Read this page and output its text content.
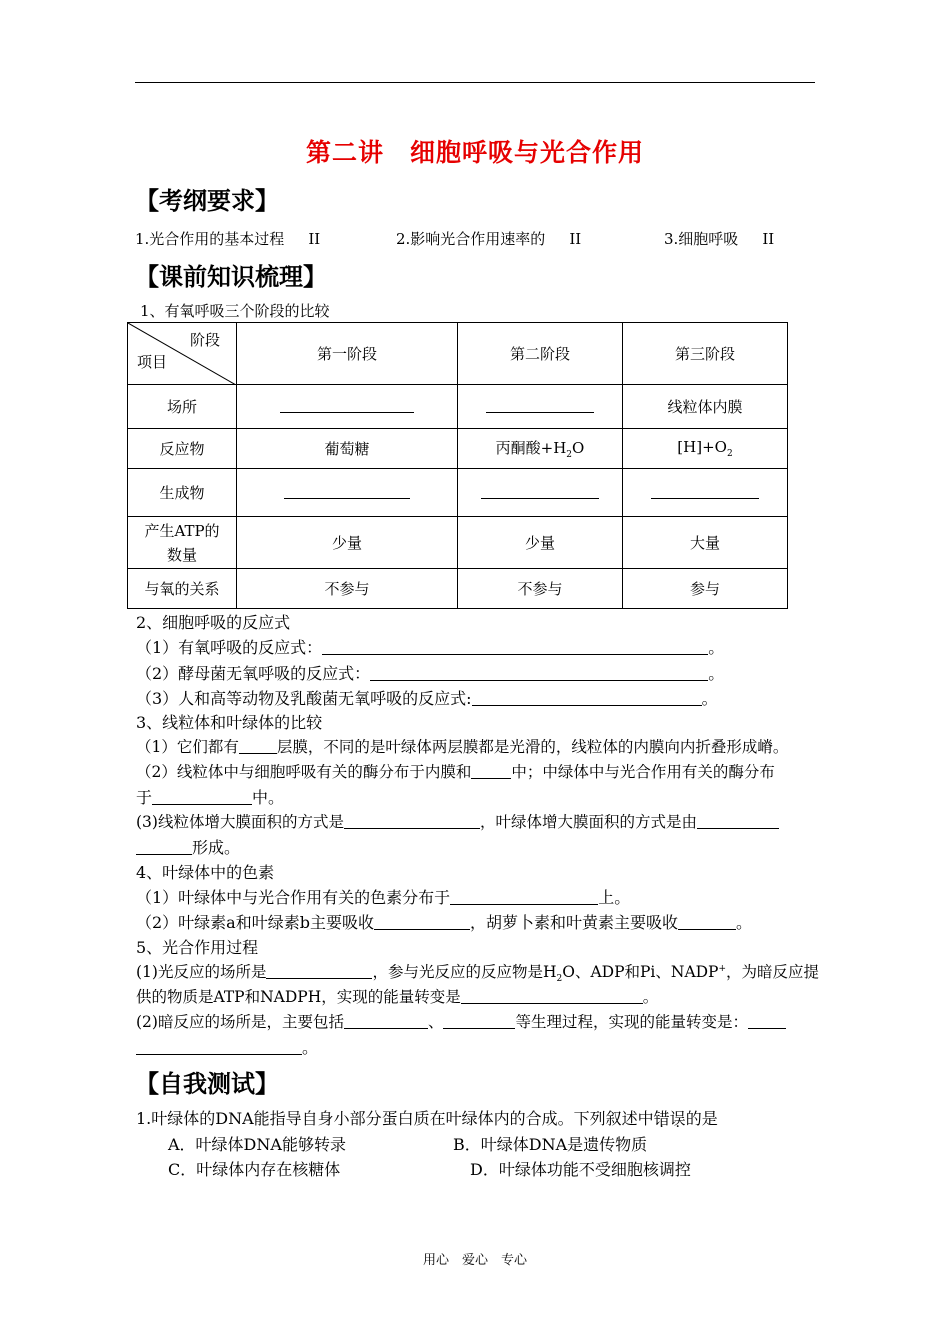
第二讲　细胞呼吸与光合作用
【考纲要求】
1.光合作用的基本过程 II	2.影响光合作用速率的 II	3.细胞呼吸 II
【课前知识梳理】
1、有氧呼吸三个阶段的比较
阶段
项目	第一阶段	第二阶段	第三阶段
场所			线粒体内膜
反应物	葡萄糖	丙酮酸$+H_2O$	$[H]+O_2$
生成物			
产生ATP的
数量	少量	少量	大量
与氧的关系	不参与	不参与	参与
2、细胞呼吸的反应式
（1）有氧呼吸的反应式：	。
（2）酵母菌无氧呼吸的反应式：	。
（3）人和高等动物及乳酸菌无氧呼吸的反应式:	。
3、线粒体和叶绿体的比较
（1）它们都有 层膜，不同的是叶绿体两层膜都是光滑的，线粒体的内膜向内折叠形成嵴。
（2）线粒体中与细胞呼吸有关的酶分布于内膜和	中；中绿体中与光合作用有关的酶分布
于	中。
(3)线粒体增大膜面积的方式是	，叶绿体增大膜面积的方式是由
形成。
4、叶绿体中的色素
（1）叶绿体中与光合作用有关的色素分布于	上。
（2）叶绿素a和叶绿素b主要吸收	，胡萝卜素和叶黄素主要吸收	。
5、光合作用过程
(1)光反应的场所是	，参与光反应的反应物是$H_2O$、ADP和Pi、NADP+，为暗反应提
供的物质是ATP和NADPH，实现的能量转变是	。
(2)暗反应的场所是，主要包括	、	等生理过程，实现的能量转变是：
。
【自我测试】
1.叶绿体的DNA能指导自身小部分蛋白质在叶绿体内的合成。下列叙述中错误的是
A．叶绿体DNA能够转录	B．叶绿体DNA是遗传物质
C．叶绿体内存在核糖体	D．叶绿体功能不受细胞核调控
用心　爱心　专心
